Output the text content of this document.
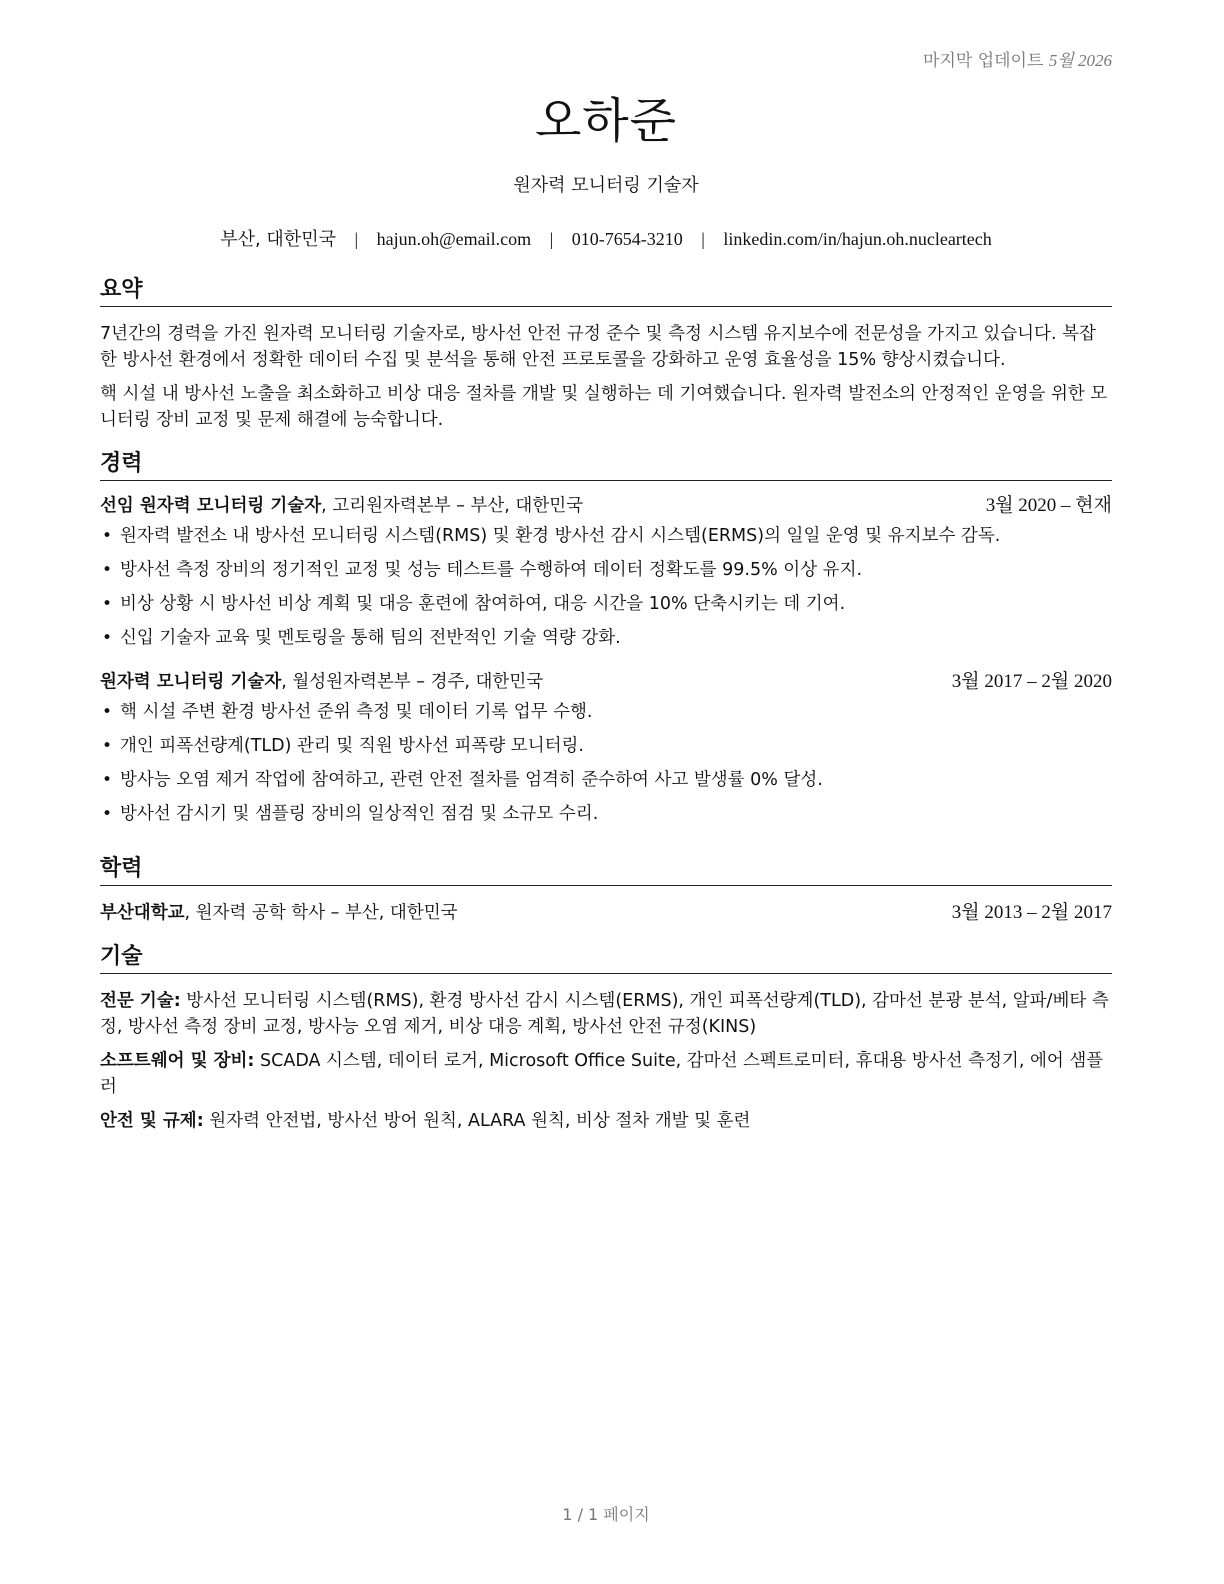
마지막 업데이트 5월 2026
오하준
원자력 모니터링 기술자
부산, 대한민국 | hajun.oh@email.com | 010-7654-3210 | linkedin.com/in/hajun.oh.nucleartech
요약

7년간의 경력을 가진 원자력 모니터링 기술자로, 방사선 안전 규정 준수 및 측정 시스템 유지보수에 전문성을 가지고 있습니다. 복잡한 방사선 환경에서 정확한 데이터 수집 및 분석을 통해 안전 프로토콜을 강화하고 운영 효율성을 15% 향상시켰습니다.

핵 시설 내 방사선 노출을 최소화하고 비상 대응 절차를 개발 및 실행하는 데 기여했습니다. 원자력 발전소의 안정적인 운영을 위한 모니터링 장비 교정 및 문제 해결에 능숙합니다.

경력
선임 원자력 모니터링 기술자, 고리원자력본부 – 부산, 대한민국	3월 2020 – 현재
• 원자력 발전소 내 방사선 모니터링 시스템(RMS) 및 환경 방사선 감시 시스템(ERMS)의 일일 운영 및 유지보수 감독.
• 방사선 측정 장비의 정기적인 교정 및 성능 테스트를 수행하여 데이터 정확도를 99.5% 이상 유지.
• 비상 상황 시 방사선 비상 계획 및 대응 훈련에 참여하여, 대응 시간을 10% 단축시키는 데 기여.
• 신입 기술자 교육 및 멘토링을 통해 팀의 전반적인 기술 역량 강화.
원자력 모니터링 기술자, 월성원자력본부 – 경주, 대한민국	3월 2017 – 2월 2020
• 핵 시설 주변 환경 방사선 준위 측정 및 데이터 기록 업무 수행.
• 개인 피폭선량계(TLD) 관리 및 직원 방사선 피폭량 모니터링.
• 방사능 오염 제거 작업에 참여하고, 관련 안전 절차를 엄격히 준수하여 사고 발생률 0% 달성.
• 방사선 감시기 및 샘플링 장비의 일상적인 점검 및 소규모 수리.
학력
부산대학교, 원자력 공학 학사 – 부산, 대한민국	3월 2013 – 2월 2017
기술

전문 기술: 방사선 모니터링 시스템(RMS), 환경 방사선 감시 시스템(ERMS), 개인 피폭선량계(TLD), 감마선 분광 분석, 알파/베타 측정, 방사선 측정 장비 교정, 방사능 오염 제거, 비상 대응 계획, 방사선 안전 규정(KINS)

소프트웨어 및 장비: SCADA 시스템, 데이터 로거, Microsoft Office Suite, 감마선 스펙트로미터, 휴대용 방사선 측정기, 에어 샘플러

안전 및 규제: 원자력 안전법, 방사선 방어 원칙, ALARA 원칙, 비상 절차 개발 및 훈련

1 / 1 페이지
